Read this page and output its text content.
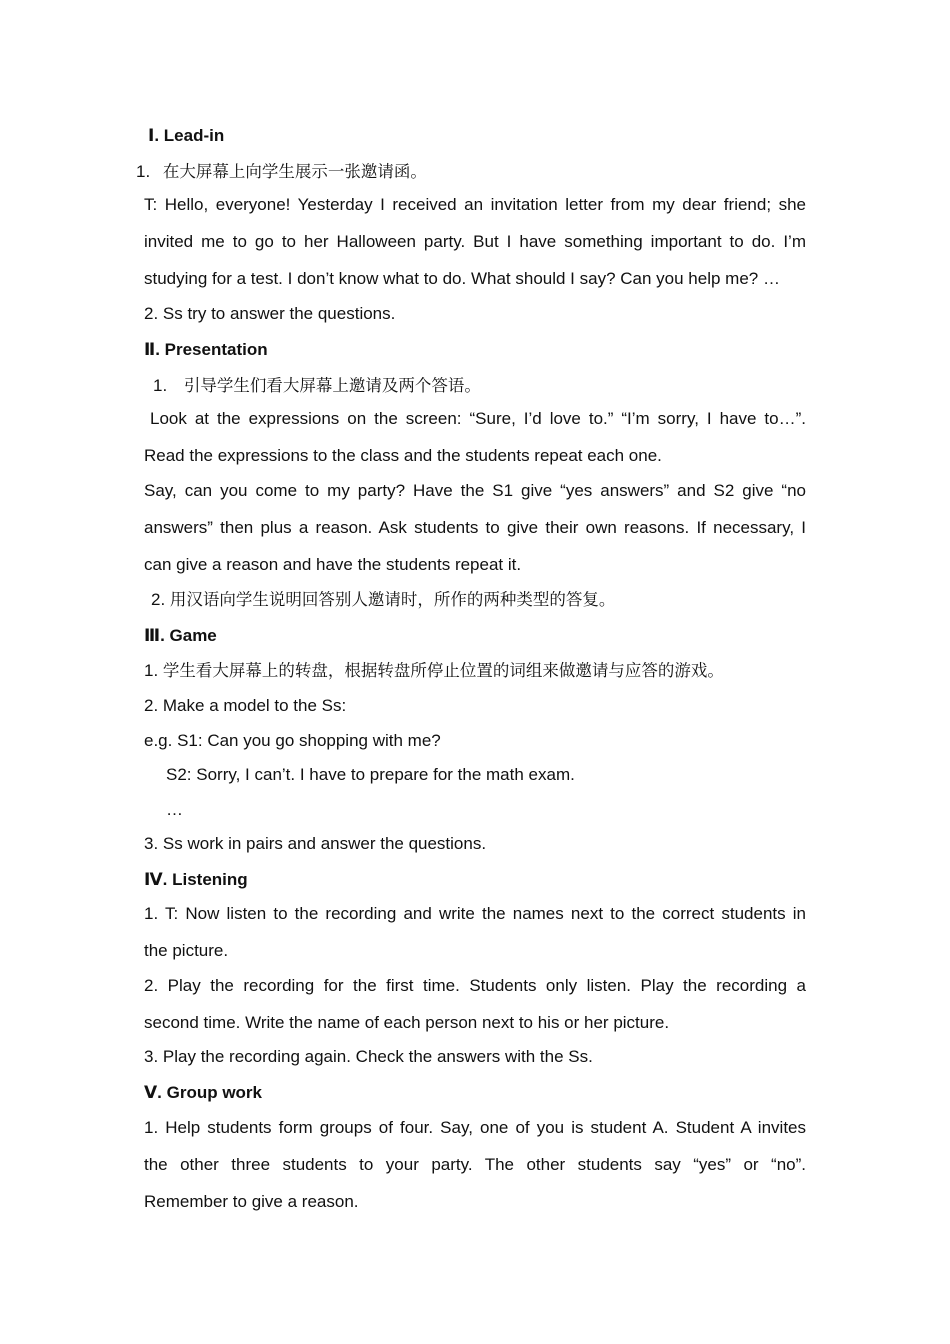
Ⅰ. Lead-in
1. 在大屏幕上向学生展示一张邀请函。
T: Hello, everyone! Yesterday I received an invitation letter from my dear friend; she
invited me to go to her Halloween party. But I have something important to do. I’m
studying for a test. I don’t know what to do. What should I say? Can you help me? …
2. Ss try to answer the questions.
Ⅱ. Presentation
1. 引导学生们看大屏幕上邀请及两个答语。
Look at the expressions on the screen: “Sure, I’d love to.” “I’m sorry, I have to…”.
Read the expressions to the class and the students repeat each one.
Say, can you come to my party? Have the S1 give “yes answers” and S2 give “no
answers” then plus a reason. Ask students to give their own reasons. If necessary, I
can give a reason and have the students repeat it.
2. 用汉语向学生说明回答别人邀请时，所作的两种类型的答复。
Ⅲ. Game
1. 学生看大屏幕上的转盘，根据转盘所停止位置的词组来做邀请与应答的游戏。
2. Make a model to the Ss:
e.g. S1: Can you go shopping with me?
S2: Sorry, I can’t. I have to prepare for the math exam.
…
3. Ss work in pairs and answer the questions.
Ⅳ. Listening
1. T: Now listen to the recording and write the names next to the correct students in
the picture.
2. Play the recording for the first time. Students only listen. Play the recording a
second time. Write the name of each person next to his or her picture.
3. Play the recording again. Check the answers with the Ss.
Ⅴ. Group work
1. Help students form groups of four. Say, one of you is student A. Student A invites
the other three students to your party. The other students say “yes” or “no”.
Remember to give a reason.
